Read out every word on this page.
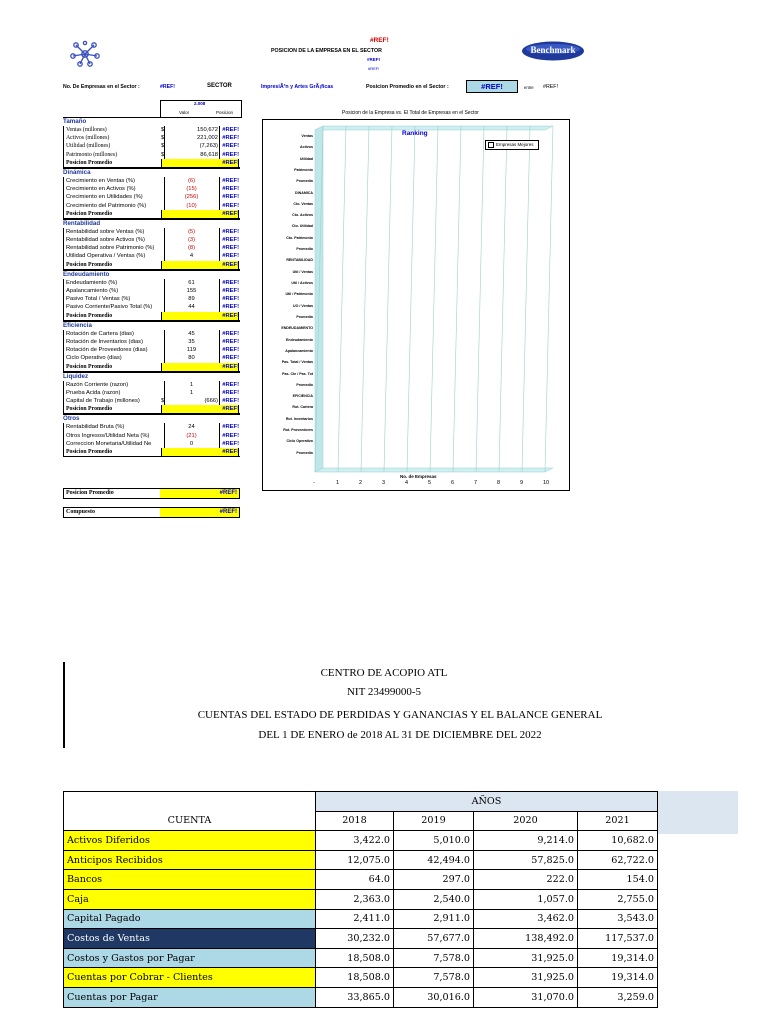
#REF!
POSICION DE LA EMPRESA EN EL SECTOR
#REF!
#REF!
Benchmark
No. De Empresas en el Sector :	#REF!	SECTOR	ImpresiÃ³n y Artes GrÃ¡ficas	Posicion Promedio en el Sector :	#REF!	entre #REF!
2.008
Valor	Posicion
Tamaño
Ventas (millones)	$	150,672 #REF!
Activos (millones)	$	221,002 #REF!
Utilidad (millones)	$	(7,263) #REF!
Patrimonio (millones)	$	86,618 #REF!
Posicion Promedio	#REF!
Dinámica
Crecimiento en Ventas (%)	(6)	#REF!
Crecimiento en Activos (%)	(15)	#REF!
Crecimiento en Utilidades (%)	(256)	#REF!
Crecimiento del Patrimonio (%)	(10)	#REF!
Posicion Promedio	#REF!
Rentabilidad
Rentabilidad sobre Ventas (%)	(5)	#REF!
Rentabilidad sobre Activos (%)	(3)	#REF!
Rentabilidad sobre Patrimonio (%)	(8)	#REF!
Utilidad Operativa / Ventas (%)	4	#REF!
Posicion Promedio	#REF!
Endeudamiento
Endeudamiento (%)	61	#REF!
Apalancamiento (%)	155	#REF!
Pasivo Total / Ventas (%)	89	#REF!
Pasivo Corriente/Pasivo Total (%)	44	#REF!
Posicion Promedio	#REF!
Eficiencia
Rotación de Cartera (dias)	45	#REF!
Rotación de Inventarios (dias)	35	#REF!
Rotación de Proveedores (dias)	119	#REF!
Ciclo Operativo (dias)	80	#REF!
Posicion Promedio	#REF!
Liquidez
Razón Corriente (razon)	1	#REF!
Prueba Acida (razon)	1	#REF!
Capital de Trabajo (millones)	$	(666) #REF!
Posicion Promedio	#REF!
Otros
Rentabilidad Bruta (%)	24	#REF!
Otros Ingresos/Utilidad Neta (%)	(21)	#REF!
Correccion Monetaria/Utilidad Ne	0	#REF!
Posicion Promedio	#REF!
Posicion Promedio	#REF!
Compuesto	#REF!
Posicion de la Empresa vs. El Total de Empresas en el Sector
Ventas
Activos
Utilidad
Patrimonio
Promedio
DINAMICA
Cto. Ventas
Cto. Activos
Cto. Utilidad
Cto. Patrimonio
Promedio
RENTABILIDAD
Util / Ventas
Util / Activos
Util / Patrimonio
UO / Ventas
Promedio
ENDEUDAMIENTO
Endeudamiento
Apalancamiento
Pas. Total / Ventas
Pas. Cte / Pas. Tot
Promedio
EFICIENCIA
Rot. Cartera
Rot. Inventarios
Rot. Proveedores
Ciclo Operativo
Promedio
-	1	2	3	4	5	6	7	8	9	10
Ranking
Empresas Mejores
No. de Empresas
CENTRO DE ACOPIO ATL
NIT 23499000-5
CUENTAS DEL ESTADO DE PERDIDAS Y GANANCIAS Y EL BALANCE GENERAL
DEL 1 DE ENERO de 2018 AL 31 DE DICIEMBRE DEL 2022
	AÑOS			
CUENTA	2018	2019	2020	2021
Activos Diferidos	3,422.0	5,010.0	9,214.0	10,682.0
Anticipos Recibidos	12,075.0	42,494.0	57,825.0	62,722.0
Bancos	64.0	297.0	222.0	154.0
Caja	2,363.0	2,540.0	1,057.0	2,755.0
Capital Pagado	2,411.0	2,911.0	3,462.0	3,543.0
Costos de Ventas	30,232.0	57,677.0	138,492.0	117,537.0
Costos y Gastos por Pagar	18,508.0	7,578.0	31,925.0	19,314.0
Cuentas por Cobrar - Clientes	18,508.0	7,578.0	31,925.0	19,314.0
Cuentas por Pagar	33,865.0	30,016.0	31,070.0	3,259.0
